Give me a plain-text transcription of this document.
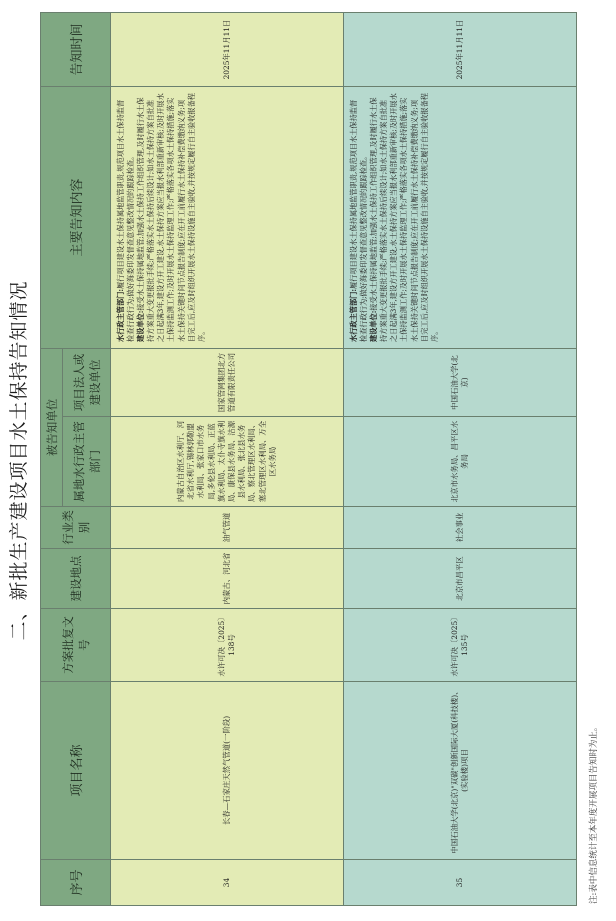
二、新批生产建设项目水土保持告知情况
序号	项目名称	方案批复文号	建设地点	行业类别	被告知单位		主要告知内容	告知时间
					属地水行政主管部门	项目法人或建设单位		
34	长春—石家庄天然气管道(一阶段)	水许可决〔2025〕138号	内蒙古、河北省	油气管道	内蒙古自治区水利厅、河北省水利厅,锡林郭勒盟水利局、张家口市水务局,多伦县水利局、正蓝旗水利局、太仆寺旗水利局、康保县水务局、沽源县水利局、张北县水务局、察北管理区水利局、塞北管理区水利局、万全区水务局	国家管网集团北方管道有限责任公司	水行政主管部门:履行项目建设水土保持属地监管职责,规范项目水土保持监督检查行政行为;做好海委印发督查意见整改情况的跟踪检查。 建设单位:接受水土保持属地监管;加强水土保持工作组织管理,及时履行水土保持方案重大变更报批手续;严格落实水土保持后续设计;如水土保持方案自批准之日起满3年,建设方开工建设,水土保持方案应当报水利部重新审核;及时开展水土保持监测工作;及时开展水土保持监理工作;严格落实各项水土保持措施;落实水土保持关键时间节点报告制度;应在开工前履行水土保持补偿费缴纳义务;项目完工后,应及时组织开展水土保持设施自主验收,并按规定履行自主验收报备程序。	2025年11月11日
35	中国石油大学(北京)"双碳"创新国际大厦(科技楼)、(实验楼)项目	水许可决〔2025〕135号	北京市昌平区	社会事业	北京市水务局、昌平区水务局	中国石油大学(北京)	水行政主管部门:履行项目建设水土保持属地监管职责,规范项目水土保持监督检查行政行为;做好海委印发督查意见整改情况的跟踪检查。 建设单位:接受水土保持属地监管;加强水土保持工作组织管理,及时履行水土保持方案重大变更报批手续;严格落实水土保持后续设计;如水土保持方案自批准之日起满3年,建设方开工建设,水土保持方案应当报水利部重新审核;及时开展水土保持监测工作;及时开展水土保持监理工作;严格落实各项水土保持措施;落实水土保持关键时间节点报告制度;应在开工前履行水土保持补偿费缴纳义务;项目完工后,应及时组织开展水土保持设施自主验收,并按规定履行自主验收报备程序。	2025年11月11日
注:表中信息统计至本年度开展项目告知时为止。
